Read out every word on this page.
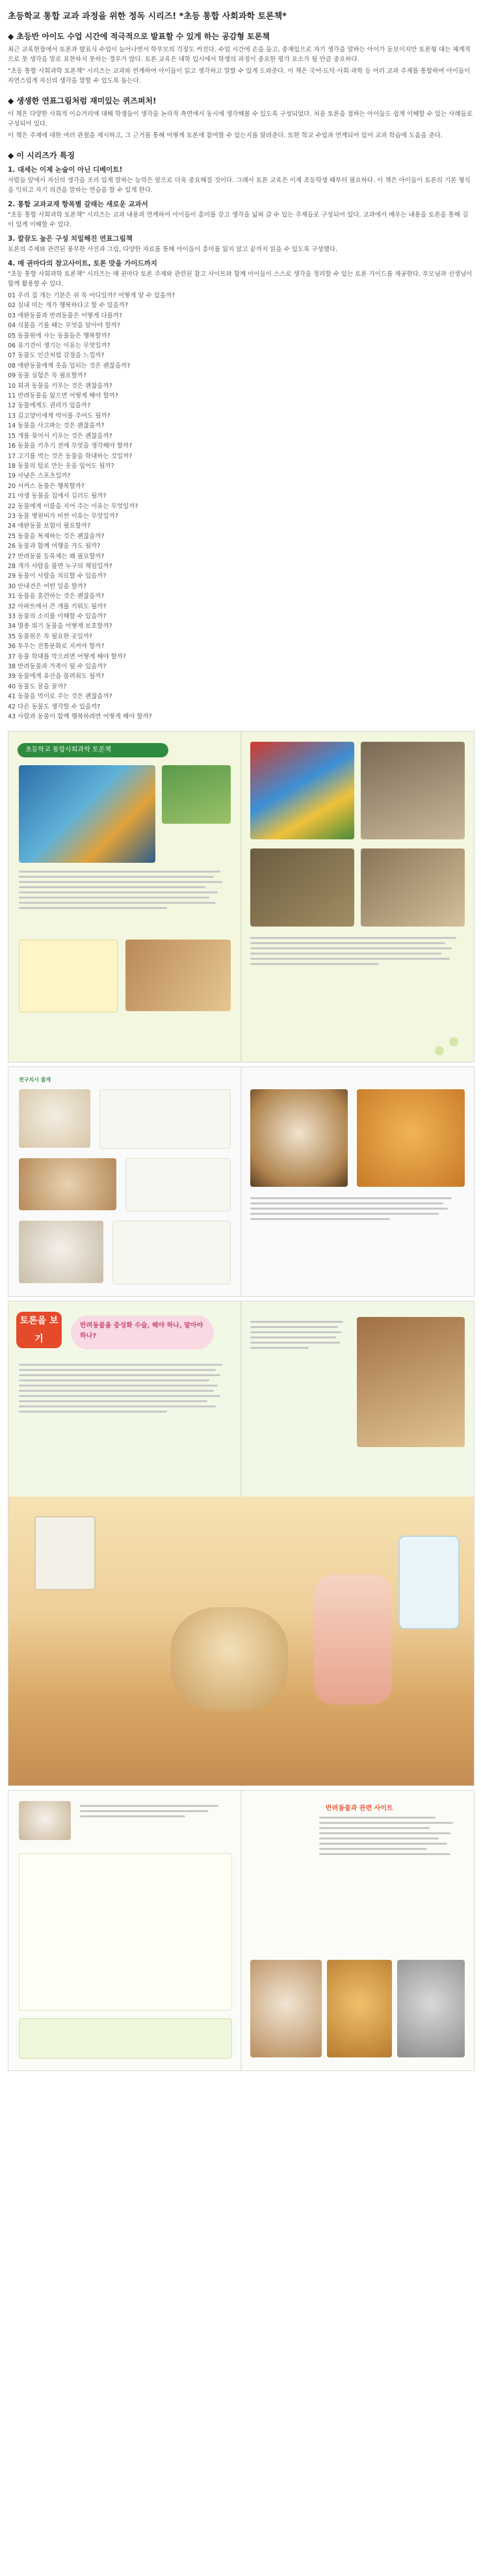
초등학교 통합 교과 과정을 위한 정독 시리즈! *초등 통합 사회과학 토론책*
◆ 초등반 아이도 수업 시간에 적극적으로 발표할 수 있게 하는 공감형 토론책

최근 교육현장에서 토론과 발표식 수업이 늘어나면서 학부모의 걱정도 커진다. 수업 시간에 손을 들고, 중재있으로 자기 생각을 말하는 아이가 돋보이지만 토론형 대는 체계적으로 못 생각을 말로 표현하지 못하는 경우가 많다. 토론 교육은 대학 입시에서 학생의 과정이 중요한 평가 요소가 될 만큼 중요하다.

"초등 통합 사회과학 토론책" 시리즈는 교과와 연계하여 아이들이 읽고 생각하고 말할 수 있게 도와준다. 이 책은 국어·도덕·사회·과학 등 여러 교과 주제를 통합하여 아이들이 자연스럽게 자신의 생각을 말할 수 있도록 돕는다.

◆ 생생한 연표그림처럼 재미있는 퀴즈퍼처!

이 책은 다양한 사회적 이슈거리에 대해 학생들이 생각을 논리적 측면에서 동시에 생각해볼 수 있도록 구성되었다. 처음 토론을 접하는 아이들도 쉽게 이해할 수 있는 사례들로 구성되어 있다.

이 책은 주제에 대한 여러 관점을 제시하고, 그 근거를 통해 어떻게 토론에 참여할 수 있는지를 알려준다. 또한 학교 수업과 연계되어 있어 교과 학습에 도움을 준다.

◆ 이 시리즈가 특징
1. 대세는 이제 논술이 아닌 디베이트!

사람들 앞에서 자신의 생각을 조리 있게 말하는 능력은 앞으로 더욱 중요해질 것이다. 그래서 토론 교육은 이제 초등학생 때부터 필요하다. 이 책은 아이들이 토론의 기본 형식을 익히고 자기 의견을 말하는 연습을 할 수 있게 한다.

2. 통합 교과교재 항목별 갈래는 새로운 교과서

"초등 통합 사회과학 토론책" 시리즈는 교과 내용과 연계하여 아이들이 흥미를 갖고 생각을 넓혀 갈 수 있는 주제들로 구성되어 있다. 교과에서 배우는 내용을 토론을 통해 깊이 있게 이해할 수 있다.

3. 깔끔도 높은 구성 치밀해진 연표그림책

토론의 주제와 관련된 풍부한 사진과 그림, 다양한 자료를 통해 아이들이 흥미를 잃지 않고 끝까지 읽을 수 있도록 구성했다.

4. 매 권마다의 참고사이트, 토론 맛을 가이드까지

"초등 통합 사회과학 토론책" 시리즈는 매 권마다 토론 주제와 관련된 참고 사이트와 함께 아이들이 스스로 생각을 정리할 수 있는 토론 가이드를 제공한다. 부모님과 선생님이 함께 활용할 수 있다.

01 우리 집 개는 기분은 쉬 꼭 어디일까? 어떻게 알 수 있을까?
02 실내 미는 개가 행복하다고 할 수 있을까?
03 애완동물과 반려동물은 어떻게 다를까?
04 식물을 기를 때는 무엇을 알아야 할까?
05 동물원에 사는 동물들은 행복할까?
06 유기견이 생기는 이유는 무엇일까?
07 동물도 인간처럼 감정을 느낄까?
08 애완동물에게 옷을 입히는 것은 괜찮을까?
09 동물 실험은 꼭 필요할까?
10 희귀 동물을 키우는 것은 괜찮을까?
11 반려동물을 잃으면 어떻게 해야 할까?
12 동물에게도 권리가 있을까?
13 길고양이에게 먹이를 주어도 될까?
14 동물을 사고파는 것은 괜찮을까?
15 개를 묶어서 키우는 것은 괜찮을까?
16 동물을 키우기 전에 무엇을 생각해야 할까?
17 고기를 먹는 것은 동물을 학대하는 것일까?
18 동물의 털로 만든 옷을 입어도 될까?
19 사냥은 스포츠일까?
20 서커스 동물은 행복할까?
21 야생 동물을 집에서 길러도 될까?
22 동물에게 이름을 지어 주는 이유는 무엇일까?
23 동물 병원비가 비싼 이유는 무엇일까?
24 애완동물 보험이 필요할까?
25 동물을 복제하는 것은 괜찮을까?
26 동물과 함께 여행을 가도 될까?
27 반려동물 등록제는 왜 필요할까?
28 개가 사람을 물면 누구의 책임일까?
29 동물이 사람을 치료할 수 있을까?
30 안내견은 어떤 일을 할까?
31 동물을 훈련하는 것은 괜찮을까?
32 아파트에서 큰 개를 키워도 될까?
33 동물의 소리를 이해할 수 있을까?
34 멸종 위기 동물을 어떻게 보호할까?
35 동물원은 꼭 필요한 곳일까?
36 투우는 전통문화로 지켜야 할까?
37 동물 학대를 막으려면 어떻게 해야 할까?
38 반려동물과 가족이 될 수 있을까?
39 동물에게 유산을 물려줘도 될까?
40 동물도 꿈을 꿀까?
41 동물을 먹이로 주는 것은 괜찮을까?
42 다른 동물도 생각할 수 있을까?
43 사람과 동물이 함께 행복하려면 어떻게 해야 할까?
초등학교 통합사회과학 토론책
전구치시 물개
토론을 보기
반려동물을 중성화 수술, 해야 하나, 말아야 하나?
반려동물과 관련 사이트
